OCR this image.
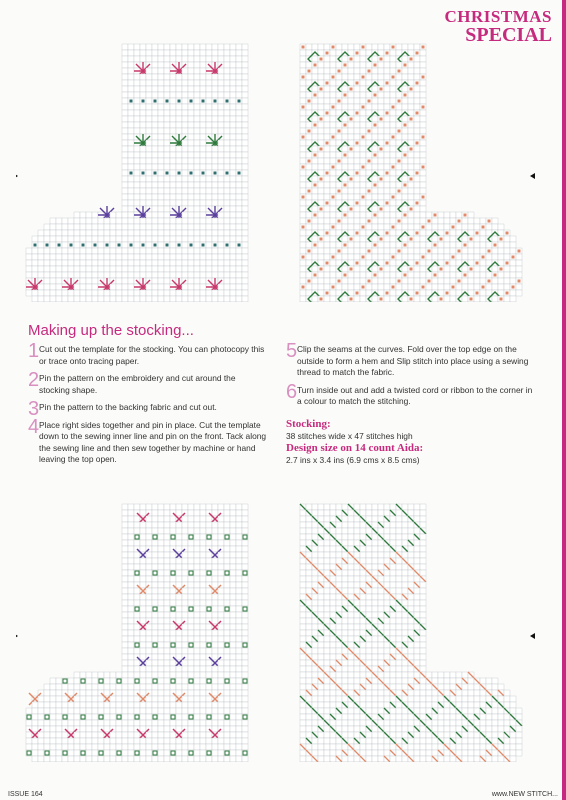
CHRISTMAS
SPECIAL
Making up the stocking...
1 Cut out the template for the stocking. You can photocopy this or trace onto tracing paper.
2 Pin the pattern on the embroidery and cut around the stocking shape.
3 Pin the pattern to the backing fabric and cut out.
4 Place right sides together and pin in place. Cut the template down to the sewing inner line and pin on the front. Tack along the sewing line and then sew together by machine or hand leaving the top open.
5 Clip the seams at the curves. Fold over the top edge on the outside to form a hem and Slip stitch into place using a sewing thread to match the fabric.
6 Turn inside out and add a twisted cord or ribbon to the corner in a colour to match the stitching.
Stocking:
38 stitches wide x 47 stitches high
Design size on 14 count Aida:
2.7 ins x 3.4 ins (6.9 cms x 8.5 cms)
ISSUE 164	www.NEW STITCH...
